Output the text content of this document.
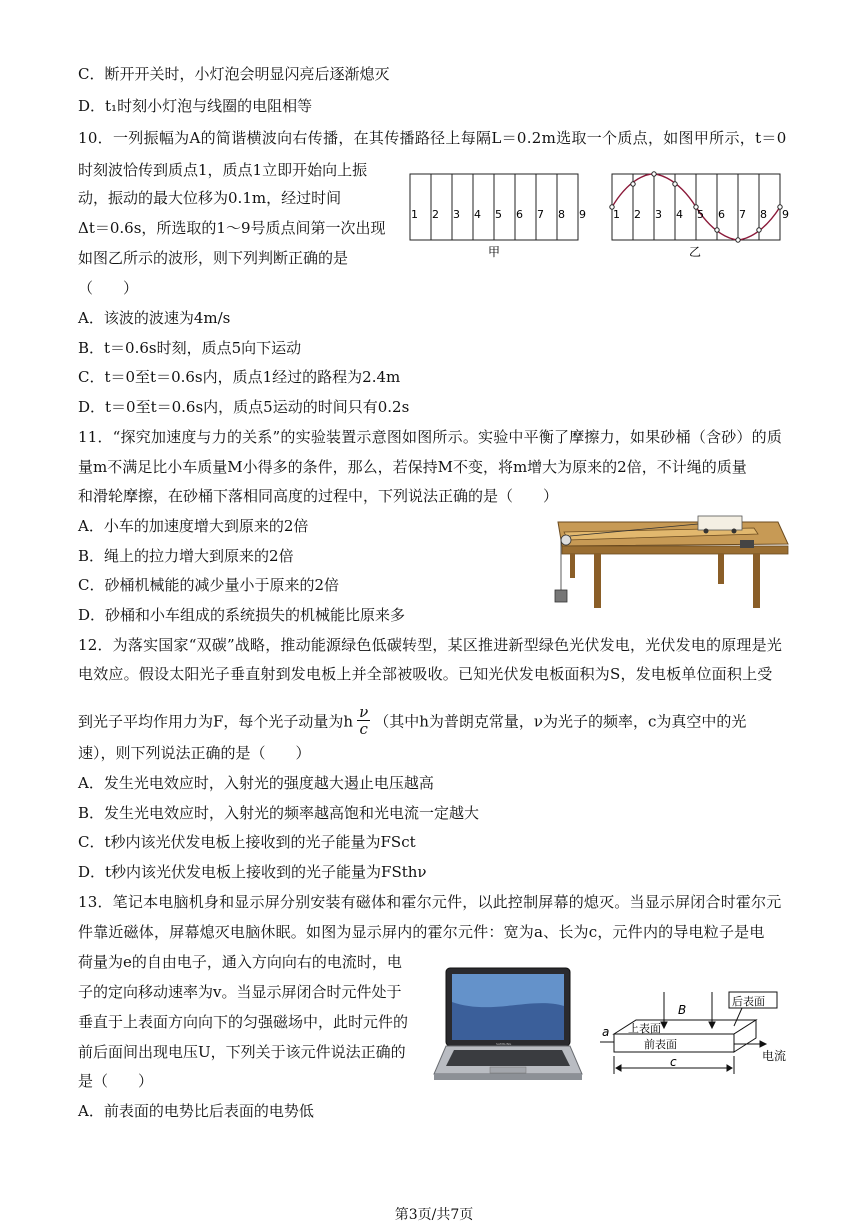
C．断开开关时，小灯泡会明显闪亮后逐渐熄灭
D．t₁时刻小灯泡与线圈的电阻相等
10．一列振幅为A的简谐横波向右传播，在其传播路径上每隔L＝0.2m选取一个质点，如图甲所示，t＝0
时刻波恰传到质点1，质点1立即开始向上振
动，振动的最大位移为0.1m，经过时间
Δt＝0.6s，所选取的1～9号质点间第一次出现
如图乙所示的波形，则下列判断正确的是
（　　）
A．该波的波速为4m/s
B．t＝0.6s时刻，质点5向下运动
C．t＝0至t＝0.6s内，质点1经过的路程为2.4m
D．t＝0至t＝0.6s内，质点5运动的时间只有0.2s
11．“探究加速度与力的关系”的实验装置示意图如图所示。实验中平衡了摩擦力，如果砂桶（含砂）的质
量m不满足比小车质量M小得多的条件，那么，若保持M不变，将m增大为原来的2倍，不计绳的质量
和滑轮摩擦，在砂桶下落相同高度的过程中，下列说法正确的是（　　）
A．小车的加速度增大到原来的2倍
B．绳上的拉力增大到原来的2倍
C．砂桶机械能的减少量小于原来的2倍
D．砂桶和小车组成的系统损失的机械能比原来多
12．为落实国家“双碳”战略，推动能源绿色低碳转型，某区推进新型绿色光伏发电，光伏发电的原理是光
电效应。假设太阳光子垂直射到发电板上并全部被吸收。已知光伏发电板面积为S，发电板单位面积上受
到光子平均作用力为F，每个光子动量为h $\frac{\nu}{c}$ （其中h为普朗克常量，ν为光子的频率，c为真空中的光
速），则下列说法正确的是（　　）
A．发生光电效应时，入射光的强度越大遏止电压越高
B．发生光电效应时，入射光的频率越高饱和光电流一定越大
C．t秒内该光伏发电板上接收到的光子能量为FSct
D．t秒内该光伏发电板上接收到的光子能量为FSthν
13．笔记本电脑机身和显示屏分别安装有磁体和霍尔元件，以此控制屏幕的熄灭。当显示屏闭合时霍尔元
件靠近磁体，屏幕熄灭电脑休眠。如图为显示屏内的霍尔元件：宽为a、长为c，元件内的导电粒子是电
荷量为e的自由电子，通入方向向右的电流时，电
子的定向移动速率为v。当显示屏闭合时元件处于
垂直于上表面方向向下的匀强磁场中，此时元件的
前后面间出现电压U，下列关于该元件说法正确的
是（　　）
A．前表面的电势比后表面的电势低
1 2 3 4 5 6 7 8 9
甲
1 2 3 4 5 6 7 8 9
乙
SAMSUNG
B
后表面
上表面
前表面
a
电流
c
第3页/共7页
